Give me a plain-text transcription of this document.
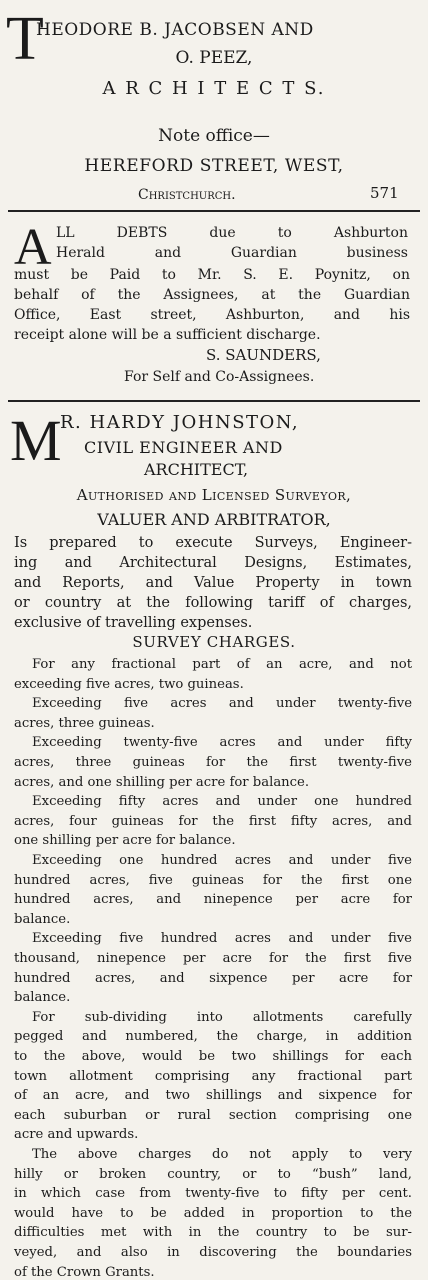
T
HEODORE B. JACOBSEN AND
O. PEEZ,
A R C H I T E C T S.
Note office—
HEREFORD STREET, WEST,
Christchurch.	571
A LL DEBTS due to Ashburton
Herald and Guardian business
must be Paid to Mr. S. E. Poynitz, on
behalf of the Assignees, at the Guardian
Office, East street, Ashburton, and his
receipt alone will be a sufficient discharge.
S. SAUNDERS,
For Self and Co-Assignees.
M
R. HARDY JOHNSTON,
CIVIL ENGINEER AND
ARCHITECT,
Authorised and Licensed Surveyor,
VALUER AND ARBITRATOR,
Is prepared to execute Surveys, Engineer-
ing and Architectural Designs, Estimates,
and Reports, and Value Property in town
or country at the following tariff of charges,
exclusive of travelling expenses.
SURVEY CHARGES.
For any fractional part of an acre, and not
exceeding five acres, two guineas.
Exceeding five acres and under twenty-five
acres, three guineas.
Exceeding twenty-five acres and under fifty
acres, three guineas for the first twenty-five
acres, and one shilling per acre for balance.
Exceeding fifty acres and under one hundred
acres, four guineas for the first fifty acres, and
one shilling per acre for balance.
Exceeding one hundred acres and under five
hundred acres, five guineas for the first one
hundred acres, and ninepence per acre for
balance.
Exceeding five hundred acres and under five
thousand, ninepence per acre for the first five
hundred acres, and sixpence per acre for
balance.
For sub-dividing into allotments carefully
pegged and numbered, the charge, in addition
to the above, would be two shillings for each
town allotment comprising any fractional part
of an acre, and two shillings and sixpence for
each suburban or rural section comprising one
acre and upwards.
The above charges do not apply to very
hilly or broken country, or to “bush” land,
in which case from twenty-five to fifty per cent.
would have to be added in proportion to the
difficulties met with in the country to be sur-
veyed, and also in discovering the boundaries
of the Crown Grants.
